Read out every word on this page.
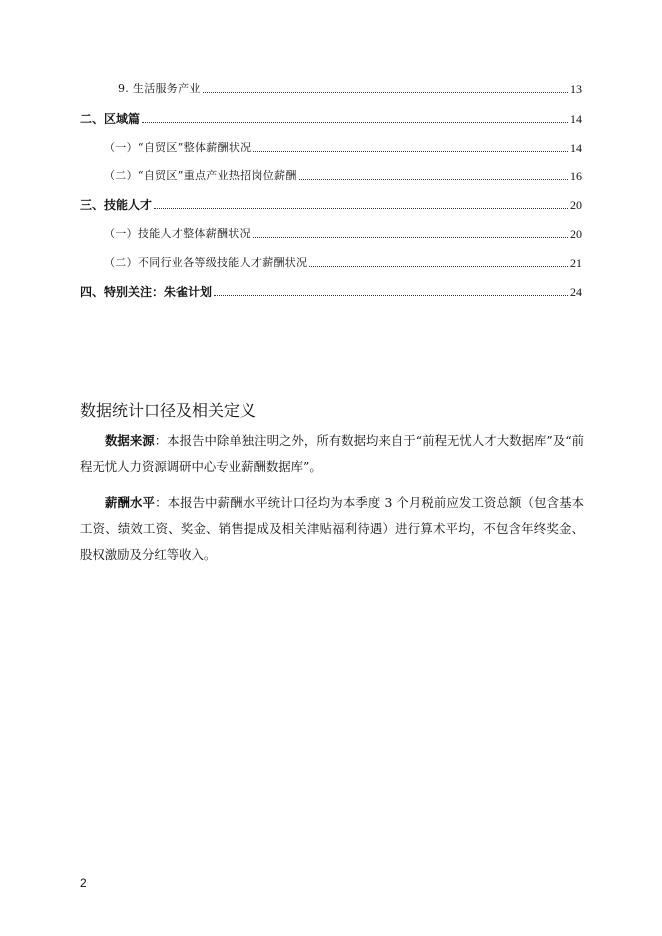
9. 生活服务产业	13
二、区域篇	14
（一）“自贸区”整体薪酬状况	14
（二）“自贸区”重点产业热招岗位薪酬	16
三、技能人才	20
（一）技能人才整体薪酬状况	20
（二）不同行业各等级技能人才薪酬状况	21
四、特别关注：朱雀计划	24
数据统计口径及相关定义

数据来源：本报告中除单独注明之外，所有数据均来自于“前程无忧人才大数据库”及“前程无忧人力资源调研中心专业薪酬数据库”。

薪酬水平：本报告中薪酬水平统计口径均为本季度 3 个月税前应发工资总额（包含基本工资、绩效工资、奖金、销售提成及相关津贴福利待遇）进行算术平均，不包含年终奖金、股权激励及分红等收入。

2
